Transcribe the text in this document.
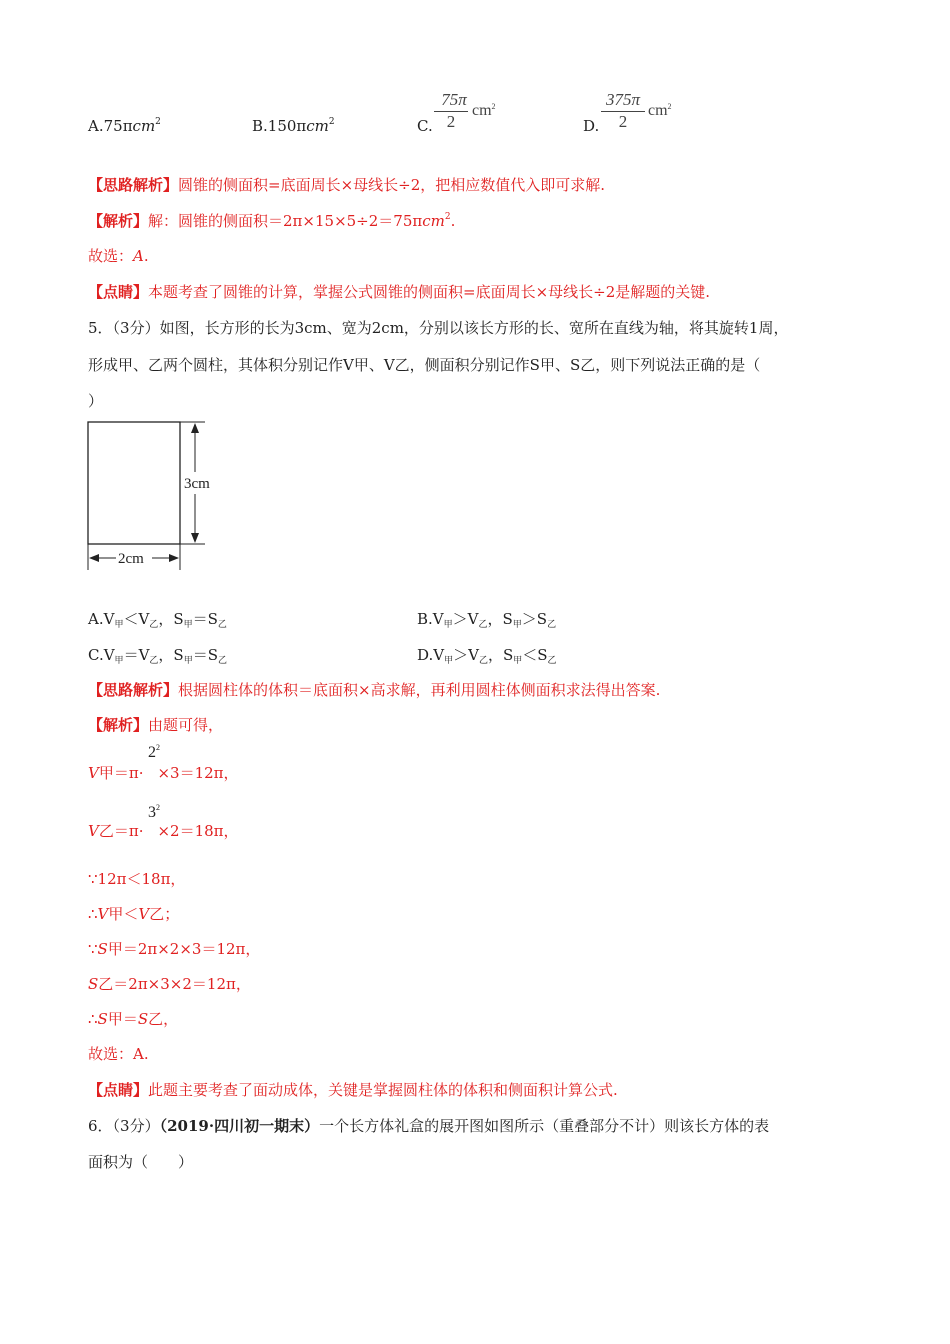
A.75πcm$^2$	B.150πcm$^2$	C.
75π
2
$cm^2$
D.
375π
2
$cm^2$
【思路解析】圆锥的侧面积=底面周长×母线长÷2，把相应数值代入即可求解.
【解析】解：圆锥的侧面积＝2π×15×5÷2＝75πcm$^2$.
故选：A.
【点睛】本题考查了圆锥的计算，掌握公式圆锥的侧面积=底面周长×母线长÷2是解题的关键.
5．（3分）如图，长方形的长为3cm、宽为2cm，分别以该长方形的长、宽所在直线为轴，将其旋转1周，
形成甲、乙两个圆柱，其体积分别记作V甲、V乙，侧面积分别记作S甲、S乙，则下列说法正确的是（
）
3cm
2cm
$A.V_甲<V_乙$，$S_甲=S_乙$	$B.V_甲>V_乙$，$S_甲>S_乙$
$C.V_甲=V_乙$，$S_甲=S_乙$	$D.V_甲>V_乙$，$S_甲<S_乙$
【思路解析】根据圆柱体的体积＝底面积×高求解，再利用圆柱体侧面积求法得出答案.
【解析】由题可得，
V甲＝π· ×3＝12π，
$2^2$
V乙＝π· ×2＝18π，
$3^2$
∵12π＜18π，
∴V甲＜V乙；
∵S甲＝2π×2×3＝12π，
S乙＝2π×3×2＝12π，
∴S甲＝S乙，
故选：A.
【点睛】此题主要考查了面动成体，关键是掌握圆柱体的体积和侧面积计算公式.
6．（3分）（2019·四川初一期末）一个长方体礼盒的展开图如图所示（重叠部分不计）则该长方体的表
面积为（　　）
